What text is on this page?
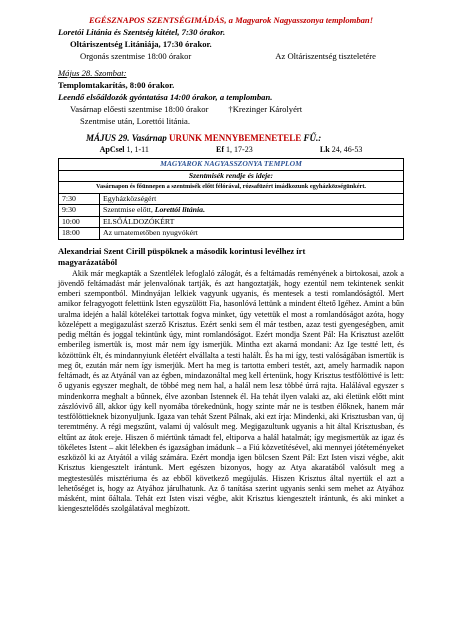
EGÉSZNAPOS SZENTSÉGIMÁDÁS, a Magyarok Nagyasszonya templomban!
Loretói Litánia és Szentség kitétel, 7:30 órakor.
Oltáriszentség Litániája, 17:30 órakor.
Orgonás szentmise 18:00 órakor	Az Oltáriszentség tiszteletére
Május 28. Szombat:
Templomtakarítás, 8:00 órakor.
Leendő elsőáldozók gyóntatása 14:00 órakor, a templomban.
Vasárnap előesti szentmise 18:00 órakor †Krezinger Károlyért
Szentmise után, Lorettói litánia.
MÁJUS 29. Vasárnap URUNK MENNYBEMENETELE FŰ.:
ApCsel 1, 1-11	Ef 1, 17-23	Lk 24, 46-53
MAGYAROK NAGYASSZONYA TEMPLOM	
Szentmisék rendje és ideje:	
Vasárnapon és főünnepen a szentmisék előtt félórával, rózsafüzért imádkozunk egyházközségünkért.	
7:30	Egyházközségért
9:30	Szentmise előtt, Lorettói litánia.
10:00	ELSŐÁLDOZÓKÉRT
18:00	Az urnatemetőben nyugvókért
Alexandriai Szent Cirill püspöknek a második korintusi levélhez írt
magyarázatából

Akik már megkapták a Szentlélek lefoglaló zálogát, és a feltámadás reményének a birtokosai, azok a jövendő feltámadást már jelenvalónak tartják, és azt hangoztatják, hogy ezentúl nem tekintenek senkit emberi szempontból. Mindnyájan lelkiek vagyunk ugyanis, és mentesek a testi romlandóságtól. Mert amikor felragyogott felettünk Isten egyszülött Fia, hasonlóvá lettünk a mindent éltető Igéhez. Amint a bűn uralma idején a halál kötelékei tartottak fogva minket, úgy vetettük el most a romlandóságot azóta, hogy közelépett a megigazulást szerző Krisztus. Ezért senki sem él már testben, azaz testi gyengeségben, amit pedig méltán és joggal tekintünk úgy, mint romlandóságot. Ezért mondja Szent Pál: Ha Krisztust azelőtt emberileg ismertük is, most már nem így ismerjük. Mintha ezt akarná mondani: Az Ige testté lett, és közöttünk élt, és mindannyiunk életéért elvállalta a testi halált. És ha mi így, testi valóságában ismertük is meg őt, ezután már nem így ismerjük. Mert ha meg is tartotta emberi testét, azt, amely harmadik napon feltámadt, és az Atyánál van az égben, mindazonáltal meg kell értenünk, hogy Krisztus testfölöttivé is lett: ő ugyanis egyszer meghalt, de többé meg nem hal, a halál nem lesz többé úrrá rajta. Halálával egyszer s mindenkorra meghalt a bűnnek, élve azonban Istennek él. Ha tehát ilyen valaki az, aki életünk előtt mint zászlóvivő áll, akkor úgy kell nyomába törekednünk, hogy szinte már ne is testben élőknek, hanem már testfölöttieknek bizonyuljunk. Igaza van tehát Szent Pálnak, aki ezt írja: Mindenki, aki Krisztusban van, új teremtmény. A régi megszűnt, valami új valósult meg. Megigazultunk ugyanis a hit által Krisztusban, és eltűnt az átok ereje. Hiszen ő miértünk támadt fel, eltiporva a halál hatalmát; így megismertük az igaz és tökéletes Istent – akit lélekben és igazságban imádunk – a Fiú közvetítésével, aki mennyei jótéteményeket eszközöl ki az Atyától a világ számára. Ezért mondja igen bölcsen Szent Pál: Ezt Isten viszi végbe, akit Krisztus kiengesztelt irántunk. Mert egészen bizonyos, hogy az Atya akaratából valósult meg a megtestesülés misztériuma és az ebből következő megújulás. Hiszen Krisztus által nyertük el azt a lehetőséget is, hogy az Atyához járulhatunk. Az ő tanítása szerint ugyanis senki sem mehet az Atyához másként, mint őáltala. Tehát ezt Isten viszi végbe, akit Krisztus kiengesztelt irántunk, és aki minket a kiengesztelődés szolgálatával megbízott.
